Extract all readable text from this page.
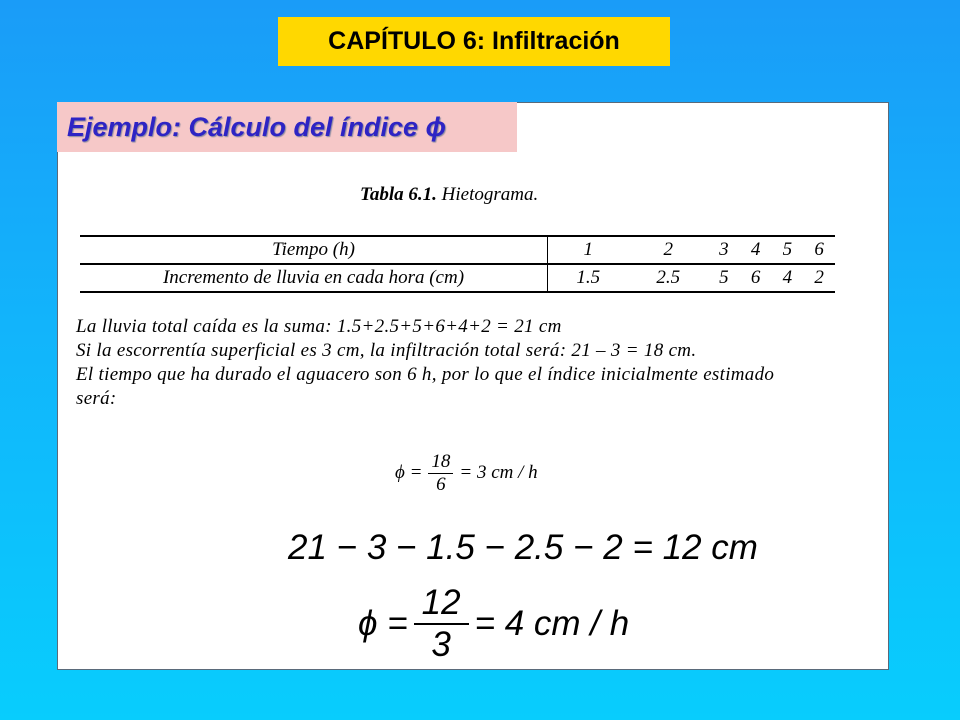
CAPÍTULO 6: Infiltración
Ejemplo: Cálculo del índice ϕ
Tabla 6.1. Hietograma.
Tiempo (h)	1	2	3	4	5	6
Incremento de lluvia en cada hora (cm)	1.5	2.5	5	6	4	2
La lluvia total caída es la suma: 1.5+2.5+5+6+4+2 = 21 cm
Si la escorrentía superficial es 3 cm, la infiltración total será: 21 – 3 = 18 cm.
El tiempo que ha durado el aguacero son 6 h, por lo que el índice inicialmente estimado
será:
$\phi = \frac{18}{6} = 3$ cm / h
21 − 3 − 1.5 − 2.5 − 2 = 12 cm
$\phi = \frac{12}{3} = 4$ cm / h
